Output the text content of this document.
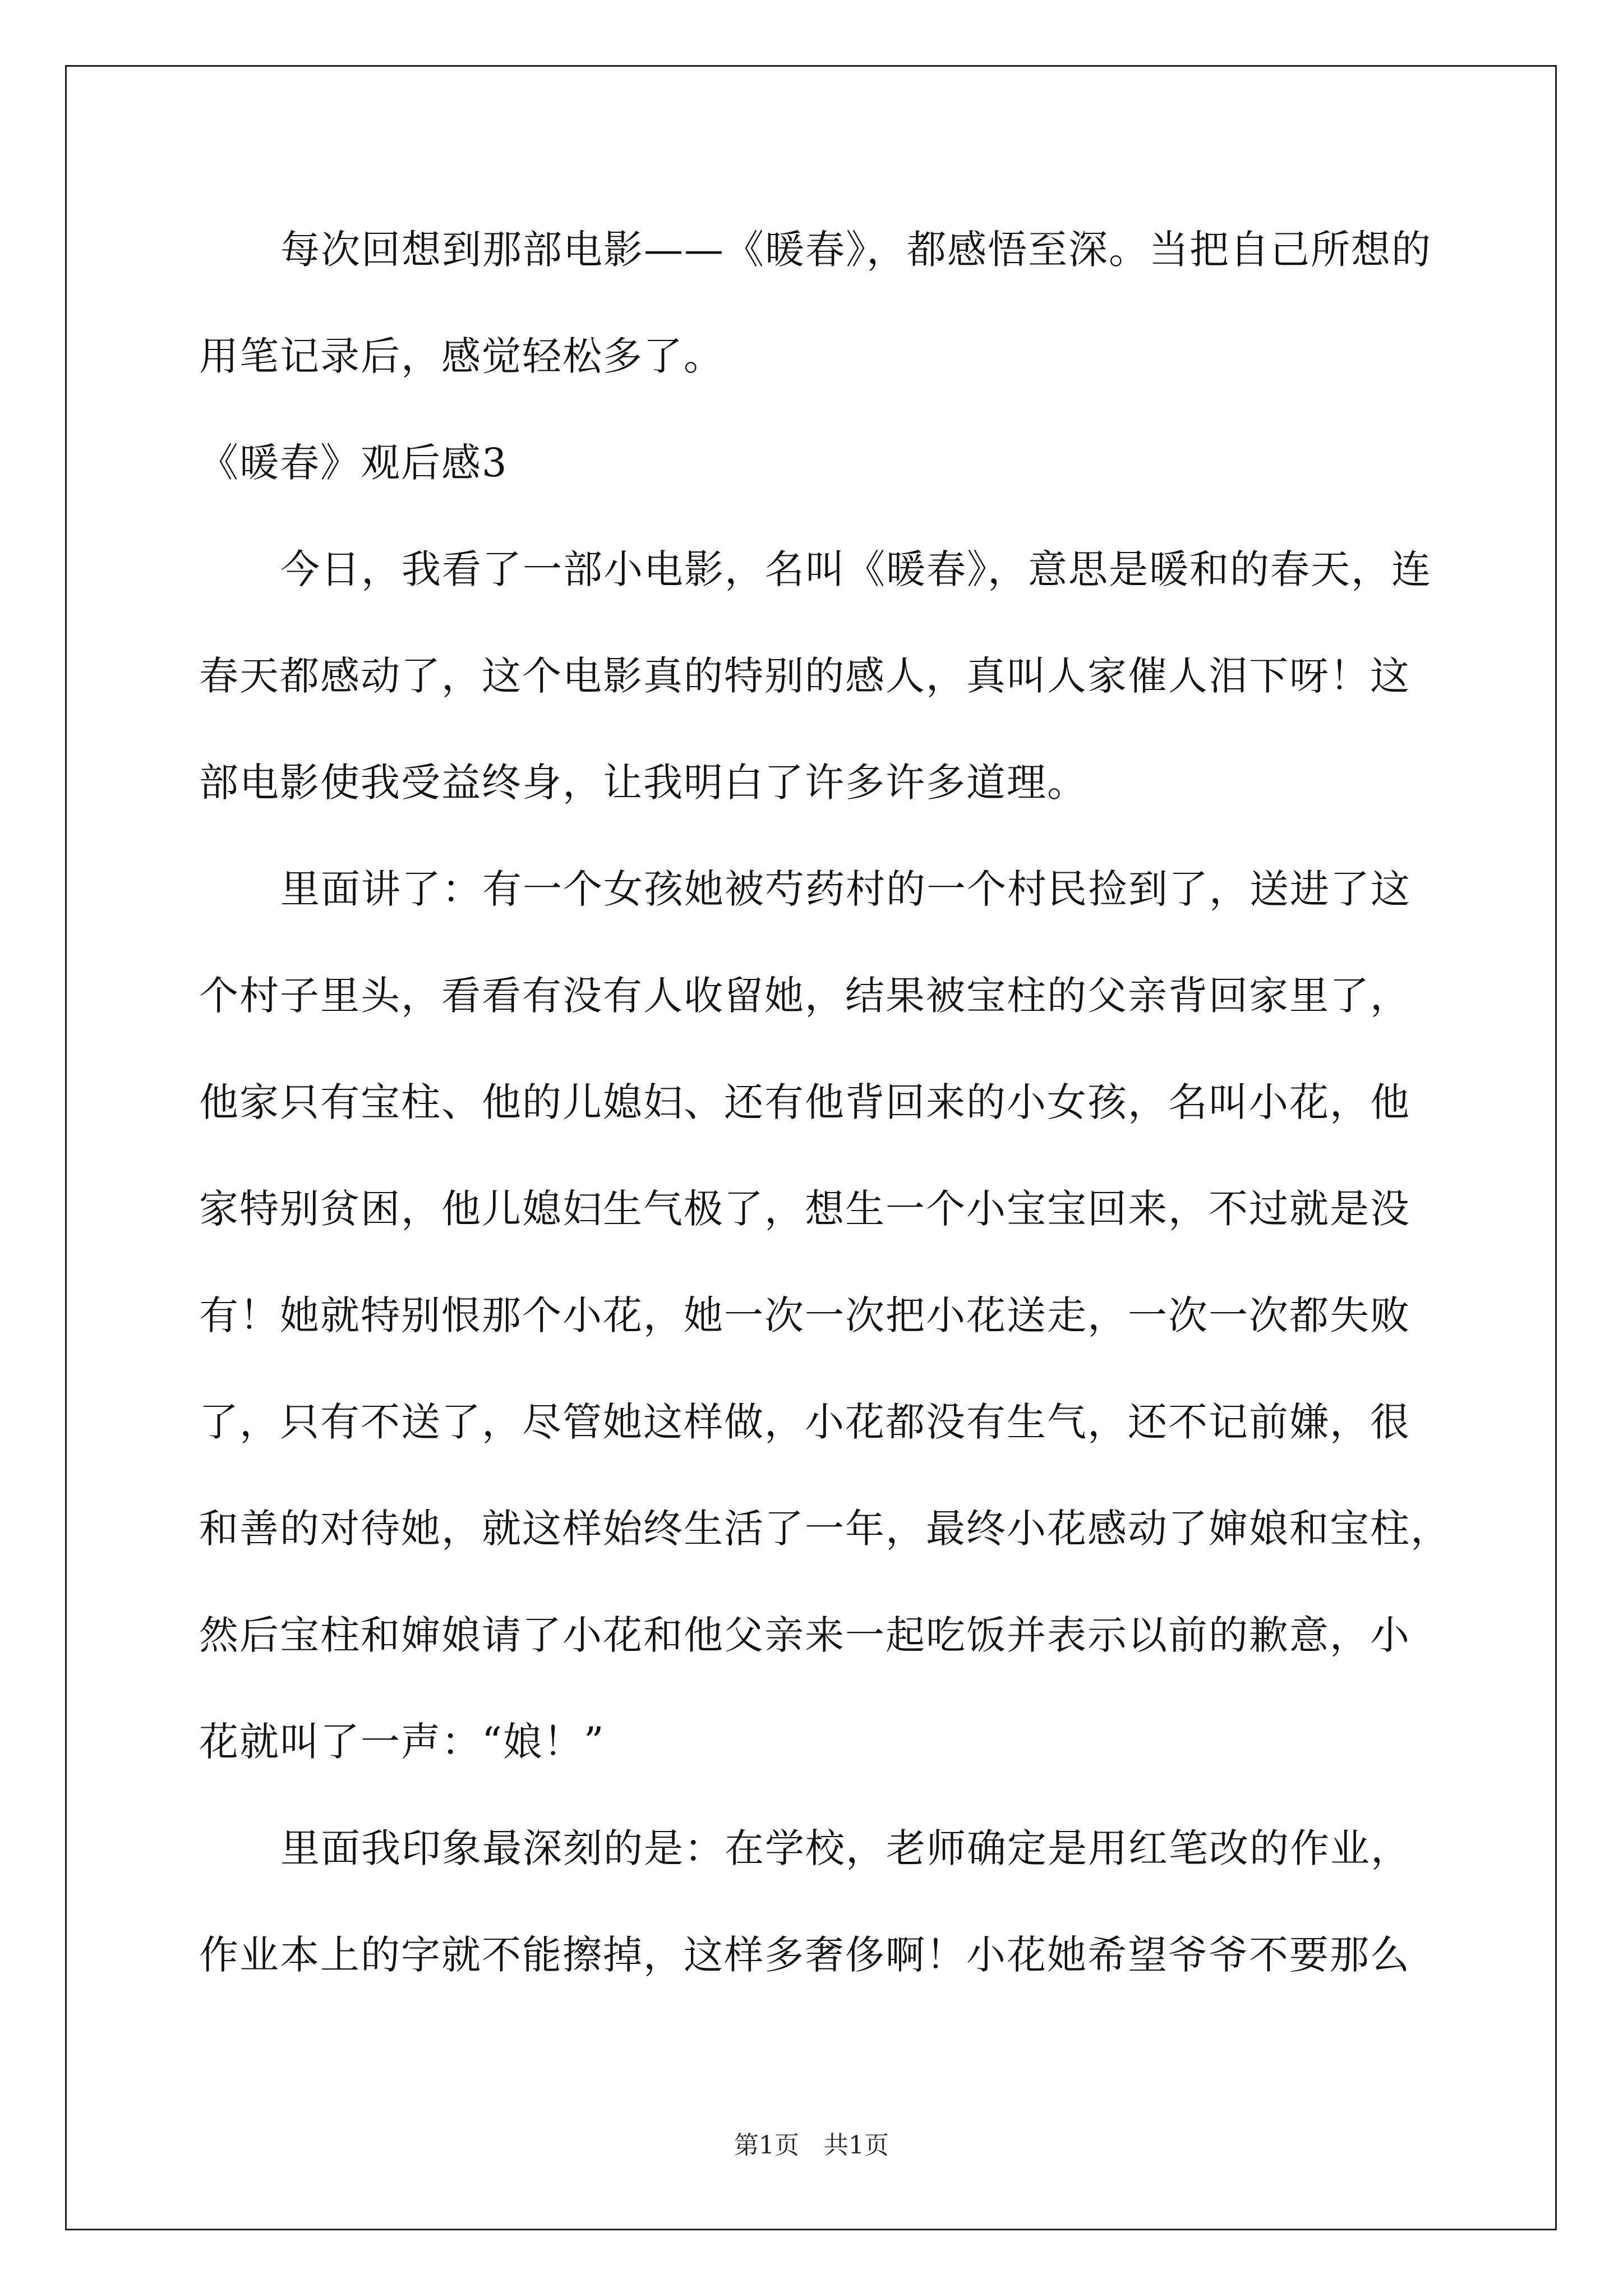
每次回想到那部电影——《暖春》，都感悟至深。当把自己所想的
用笔记录后，感觉轻松多了。
《暖春》观后感3
今日，我看了一部小电影，名叫《暖春》，意思是暖和的春天，连
春天都感动了，这个电影真的特别的感人，真叫人家催人泪下呀！这
部电影使我受益终身，让我明白了许多许多道理。
里面讲了：有一个女孩她被芍药村的一个村民捡到了，送进了这
个村子里头，看看有没有人收留她，结果被宝柱的父亲背回家里了，
他家只有宝柱、他的儿媳妇、还有他背回来的小女孩，名叫小花，他
家特别贫困，他儿媳妇生气极了，想生一个小宝宝回来，不过就是没
有！她就特别恨那个小花，她一次一次把小花送走，一次一次都失败
了，只有不送了，尽管她这样做，小花都没有生气，还不记前嫌，很
和善的对待她，就这样始终生活了一年，最终小花感动了婶娘和宝柱，
然后宝柱和婶娘请了小花和他父亲来一起吃饭并表示以前的歉意，小
花就叫了一声：“娘！”
里面我印象最深刻的是：在学校，老师确定是用红笔改的作业，
作业本上的字就不能擦掉，这样多奢侈啊！小花她希望爷爷不要那么
第1页　共1页
